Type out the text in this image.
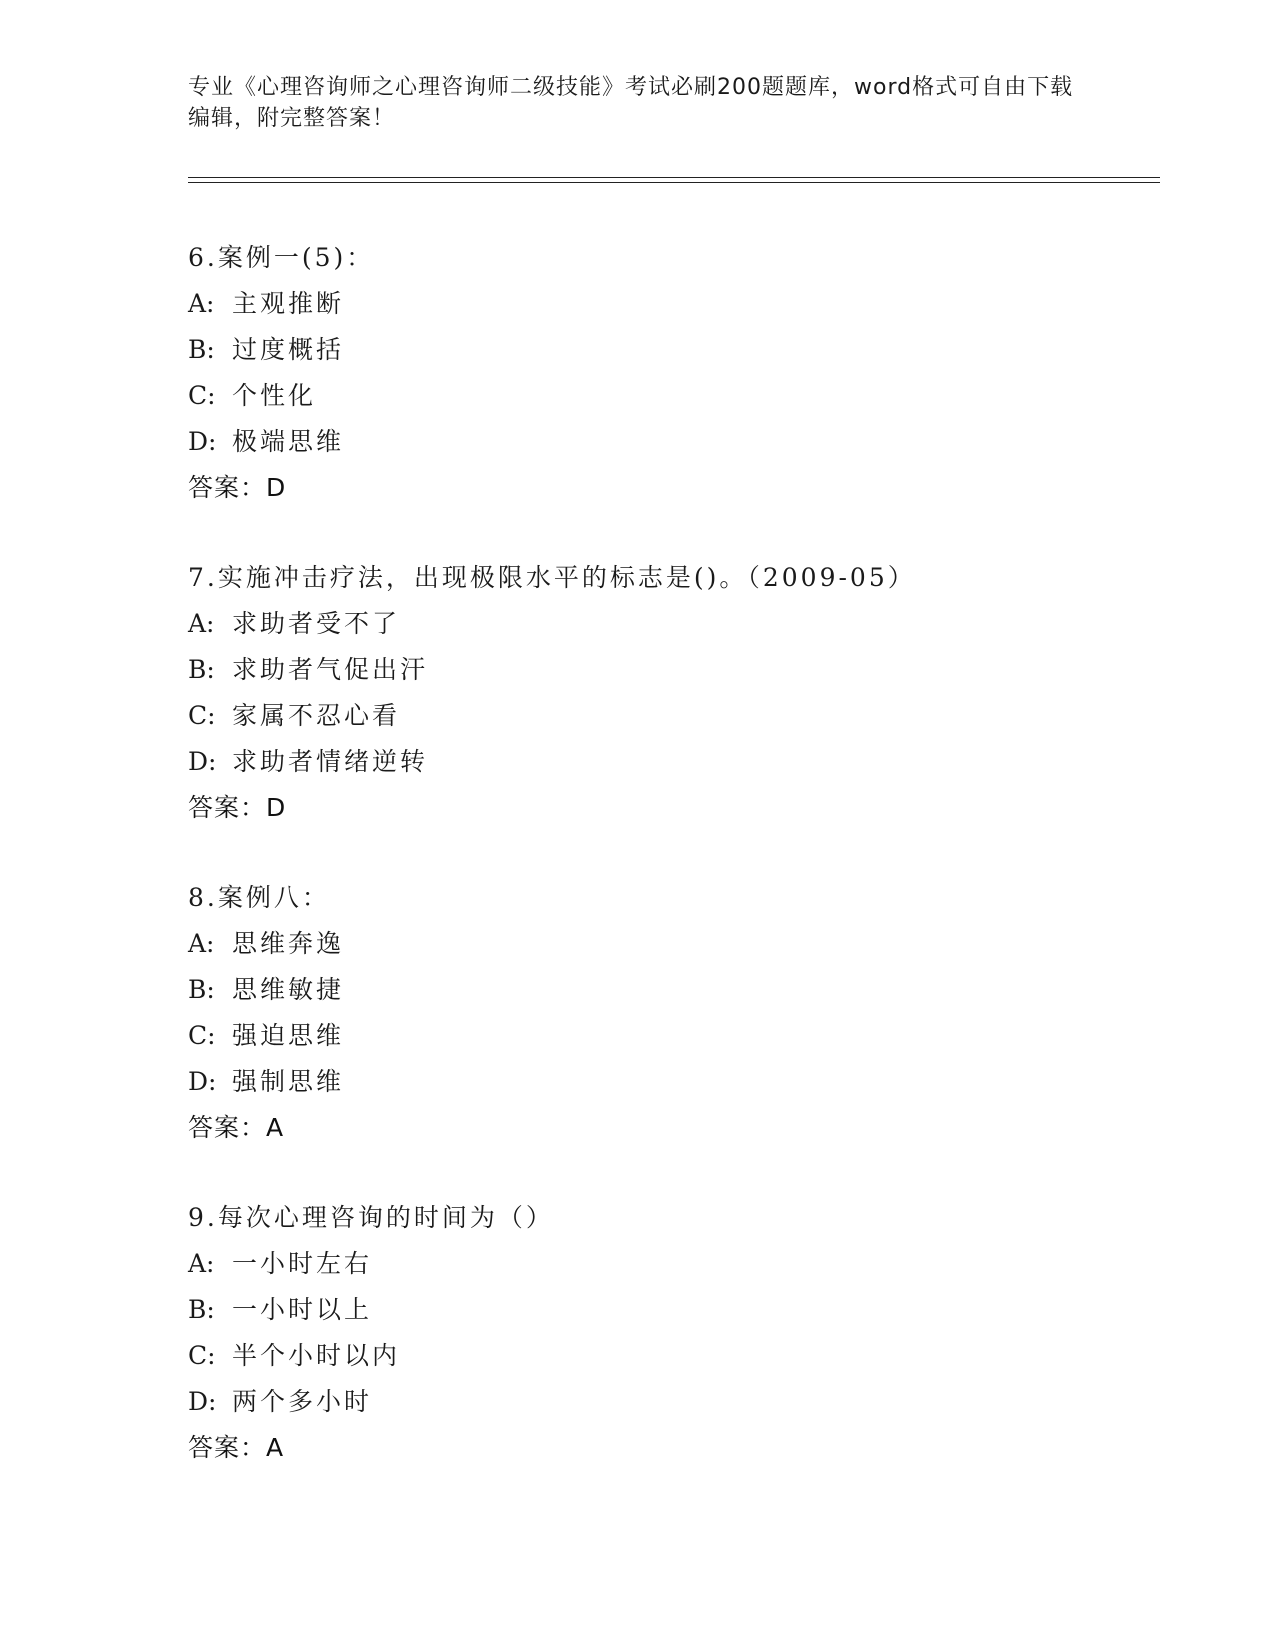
专业《心理咨询师之心理咨询师二级技能》考试必刷200题题库，word格式可自由下载编辑，附完整答案！
6.案例一(5)：
A: 主观推断
B: 过度概括
C: 个性化
D: 极端思维
答案：D
7.实施冲击疗法，出现极限水平的标志是()。（2009-05）
A: 求助者受不了
B: 求助者气促出汗
C: 家属不忍心看
D: 求助者情绪逆转
答案：D
8.案例八：
A: 思维奔逸
B: 思维敏捷
C: 强迫思维
D: 强制思维
答案：A
9.每次心理咨询的时间为（）
A: 一小时左右
B: 一小时以上
C: 半个小时以内
D: 两个多小时
答案：A
